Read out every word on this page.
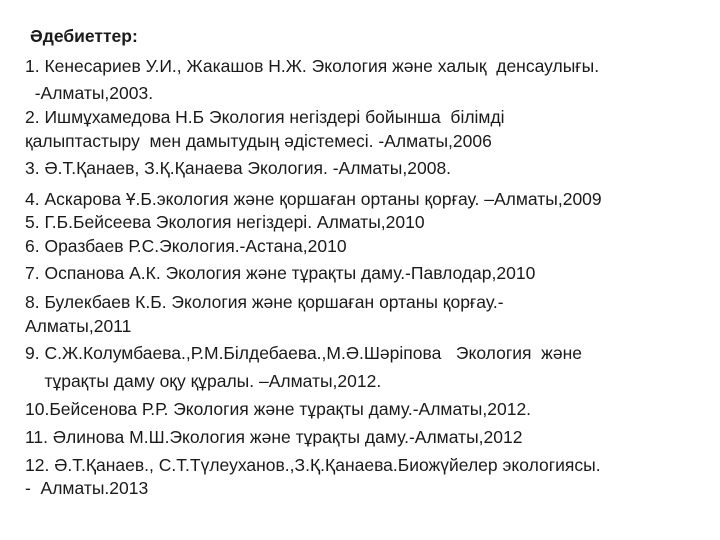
Әдебиеттер:
1. Кенесариев У.И., Жакашов Н.Ж. Экология және халық  денсаулығы.
-Алматы,2003.
2. Ишмұхамедова Н.Б Экология негіздері бойынша  білімді
қалыптастыру  мен дамытудың әдістемесі. -Алматы,2006
3. Ә.Т.Қанаев, З.Қ.Қанаева Экология. -Алматы,2008.
4. Аскарова Ұ.Б.экология және қоршаған ортаны қорғау. –Алматы,2009
5. Г.Б.Бейсеева Экология негіздері. Алматы,2010
6. Оразбаев Р.С.Экология.-Астана,2010
7. Оспанова А.К. Экология және тұрақты даму.-Павлодар,2010
8. Булекбаев К.Б. Экология және қоршаған ортаны қорғау.-
Алматы,2011
9. С.Ж.Колумбаева.,Р.М.Білдебаева.,М.Ә.Шәріпова   Экология  және
тұрақты даму оқу құралы. –Алматы,2012.
10.Бейсенова Р.Р. Экология және тұрақты даму.-Алматы,2012.
11. Әлинова М.Ш.Экология және тұрақты даму.-Алматы,2012
12. Ә.Т.Қанаев., С.Т.Түлеуханов.,З.Қ.Қанаева.Биожүйелер экологиясы.
-  Алматы.2013
